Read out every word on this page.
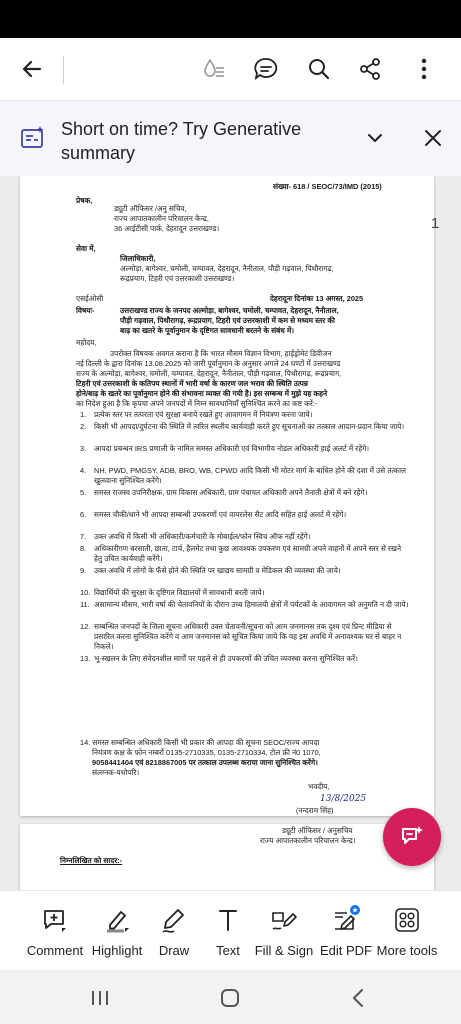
Short on time? Try Generative summary
संख्या- 618 / SEOC/73/IMD (2015)
प्रेषक,
ड्यूटी ऑफिसर /अनु सचिव,
राज्य आपातकालीन परिचालन केन्द्र,
36 आईटीसी पार्क, देहरादून उत्तराखण्ड।
सेवा में,
जिलाधिकारी,
अल्मोड़ा, बागेश्वर, चमोली, चम्पावत, देहरादून, नैनीताल, पौड़ी गढ़वाल, पिथौरागढ़,
रूद्रप्रयाग, टिहरी एवं उत्तरकाशी उत्तराखण्ड।
एसईओसी	देहरादूनः दिनांकः 13 अगस्त, 2025
विषयः-	उत्तराखण्ड राज्य के जनपद अल्मोड़ा, बागेश्वर, चमोली, चम्पावत, देहरादून, नैनीताल,
पौड़ी गढ़वाल, पिथौरागढ़, रूद्रप्रयाग, टिहरी एवं उत्तरकाशी में कम से मध्यम स्तर की
बाढ़ का खतरे के पूर्वानुमान के दृष्टिगत सावधानी बरतने के संबंध में।
महोदय,
उपरोक्त विषयक अवगत कराना है कि भारत मौसम विज्ञान विभाग, हाईड्रोमेट डिवीजन
नई दिल्ली के द्वारा दिनांक 13.08.2025 को जारी पूर्वानुमान के अनुसार अगले 24 घण्टों में उत्तराखण्ड
राज्य के अल्मोड़ा, बागेश्वर, चमोली, चम्पावत, देहरादून, नैनीताल, पौड़ी गढ़वाल, पिथौरागढ़, रूद्रप्रयाग,
टिहरी एवं उत्तरकाशी के कतिपय स्थानों में भारी वर्षा के कारण जल भराव की स्थिति उत्पन्न
होने/बाढ़ के खतरे का पूर्वानुमान होने की संभावना व्यक्त की गयी है। इस सम्बन्ध में मुझे यह कहने
का निदेश हुआ है कि कृपया अपने जनपदों में निम्न सावधानियाँ सुनिश्चित करने का कष्ट करें:-
1. प्रत्येक स्तर पर तत्परता एवं सुरक्षा बनाये रखते हुए आवागमन में नियंत्रण करना जाये।
2. किसी भी आपदा/दुर्घटना की स्थिति में त्वरित स्थलीय कार्यवाही करते हुए सूचनाओं का तत्काल आदान-प्रदान किया जाये।
3. आपदा प्रबन्धन IRS प्रणाली के नामित समस्त अधिकारी एवं विभागीय नोडल अधिकारी हाई अलर्ट में रहेंगे।
4. NH, PWD, PMGSY, ADB, BRO, WB, CPWD आदि किसी भी मोटर मार्ग के बाधित होने की दशा में उसे तत्काल खुलवाना सुनिश्चित करेंगे।
5. समस्त राजस्व उपनिरीक्षक, ग्राम विकास अधिकारी, ग्राम पंचायत अधिकारी अपने तैनाती क्षेत्रों में बने रहेंगे।
6. समस्त चौकी/थाने भी आपदा सम्बन्धी उपकरणों एवं वायरलेस सैट आदि सहित हाई अलर्ट में रहेंगे।
7. उक्त अवधि में किसी भी अधिकारी/कर्मचारी के मोबाईल/फोन स्विच ऑफ नहीं रहेंगे।
8. अधिकारीगण बरसाती, छाता, टार्च, हैलमेट तथा कुछ आवश्यक उपकरण एवं सामग्री अपने वाहनों में अपने स्तर से रखने हेतु उचित कार्यवाही करेंगे।
9. उक्त अवधि में लोगों के फँसे होने की स्थिति पर खाद्यय सामग्री व मेडिकल की व्यवस्था की जाये।
10. विद्यार्थियों की सुरक्षा के दृष्टिगत विद्यालयों में सावधानी बरती जाये।
11. असामान्य मौसम, भारी वर्षा की चेतावनियों के दौरान उच्च हिमालयी क्षेत्रों में पर्यटकों के आवागमन को अनुमति न दी जाये।
12. सम्बन्धित जनपदों के जिला सूचना अधिकारी उक्त चेतावनी/सूचना को आम जनमानस तक दृश्य एवं प्रिन्ट मीडिया से प्रसारित करना सुनिश्चित करेंगे व आम जनमानस को सूचित किया जाये कि वह इस अवधि में अनावश्यक घर से बाहर न निकले।
13. भू-स्खलन के लिए संवेदनशील मार्गों पर पहले से ही उपकरणों की उचित व्यवस्था करना सुनिश्चित करें।
14. समस्त सम्बन्धित अधिकारी किसी भी प्रकार की आपदा की सूचना SEOC/राज्य आपदा
नियंत्रण कक्ष के फोन नम्बरों 0135-2710335, 0135-2710334, टोल फ्री नं0 1070,
9058441404 एवं 8218867005 पर तत्काल उपलब्ध कराया जाना सुनिश्चित करेंगे।
संलग्नक-यथोपरि।
भवदीय,
13/8/2025
(नन्दराम सिंह)
ड्यूटी ऑफिसर / अनुसचिव
राज्य आपातकालीन परिचालन केन्द्र।
निम्नलिखित को सादर:-
1
Comment Highlight Draw Text Fill & Sign Edit PDF More tools
